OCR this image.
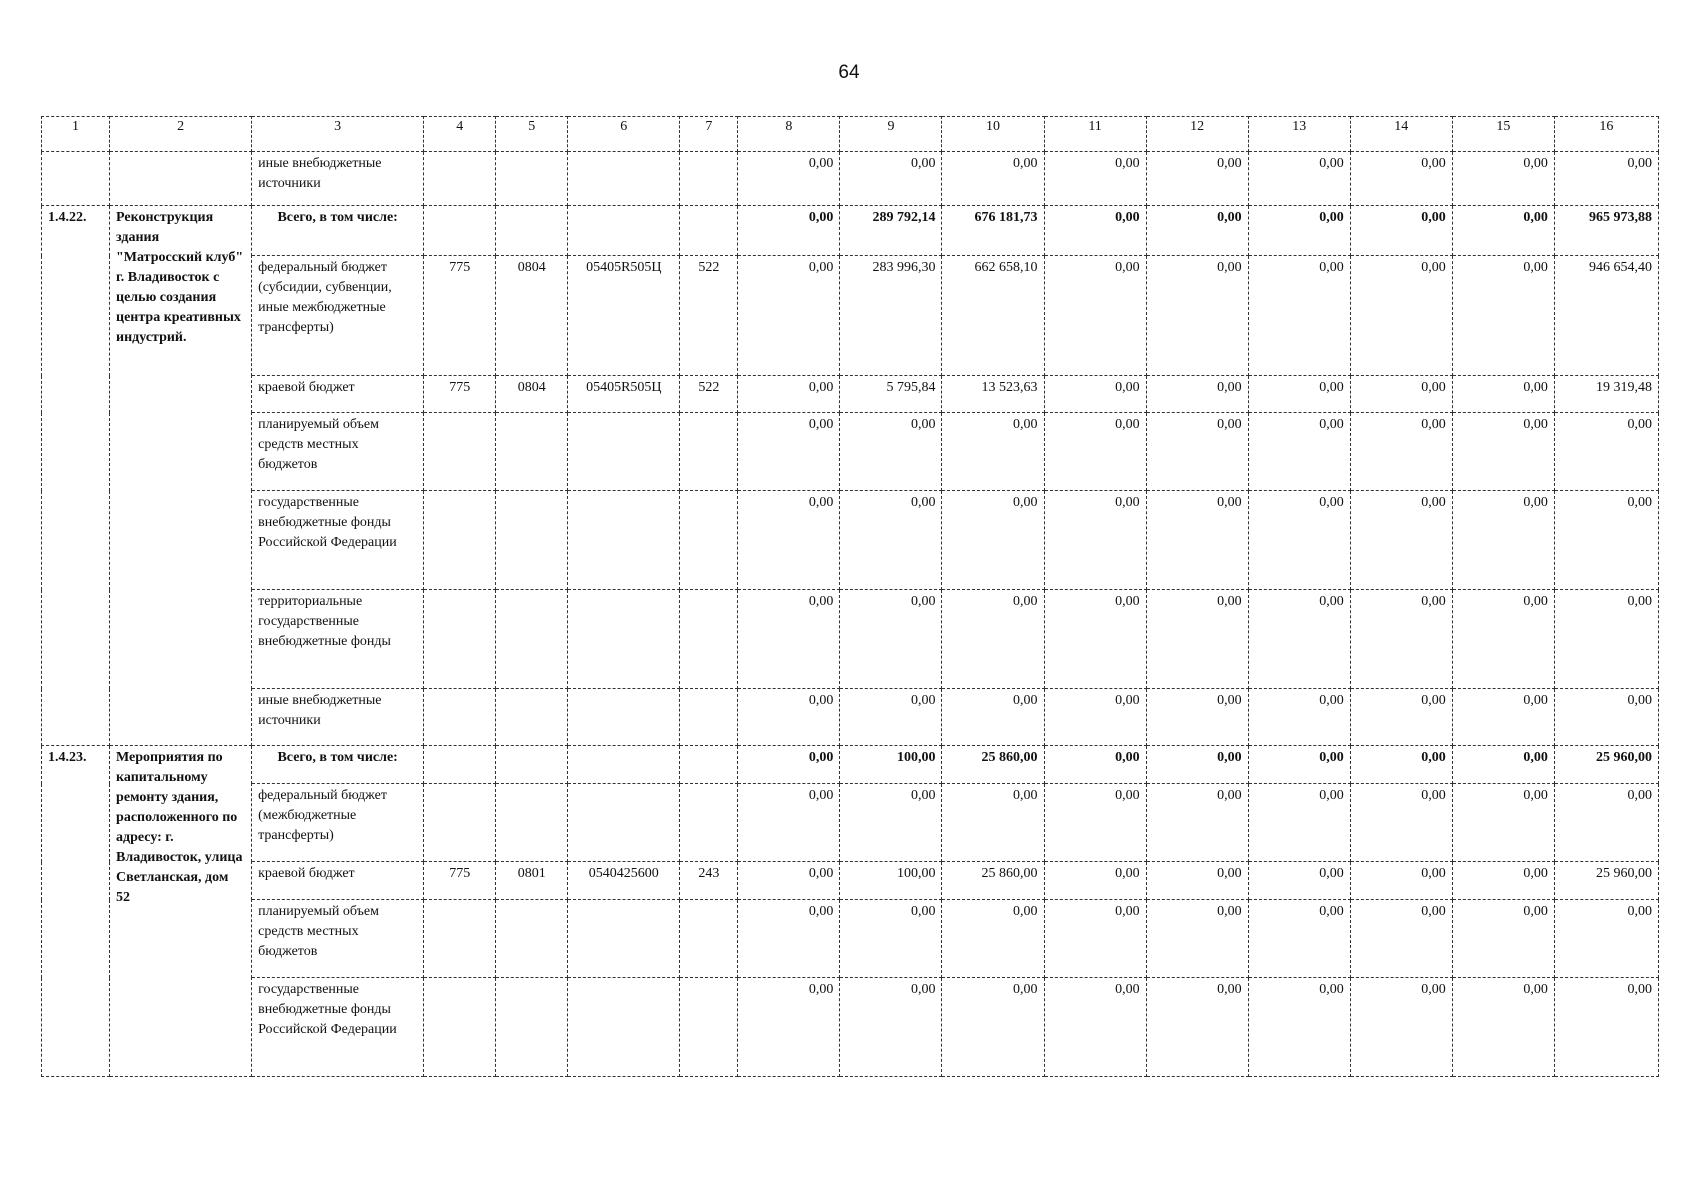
64
1	2	3	4	5	6	7	8	9	10	11	12	13	14	15	16
		иные внебюджетные источники					0,00	0,00	0,00	0,00	0,00	0,00	0,00	0,00	0,00
1.4.22.	Реконструкция здания "Матросский клуб" г. Владивосток с целью создания центра креативных индустрий.	Всего, в том числе:					0,00	289 792,14	676 181,73	0,00	0,00	0,00	0,00	0,00	965 973,88
		федеральный бюджет (субсидии, субвенции, иные межбюджетные трансферты)	775	0804	05405R505Ц	522	0,00	283 996,30	662 658,10	0,00	0,00	0,00	0,00	0,00	946 654,40
		краевой бюджет	775	0804	05405R505Ц	522	0,00	5 795,84	13 523,63	0,00	0,00	0,00	0,00	0,00	19 319,48
		планируемый объем средств местных бюджетов					0,00	0,00	0,00	0,00	0,00	0,00	0,00	0,00	0,00
		государственные внебюджетные фонды Российской Федерации					0,00	0,00	0,00	0,00	0,00	0,00	0,00	0,00	0,00
		территориальные государственные внебюджетные фонды					0,00	0,00	0,00	0,00	0,00	0,00	0,00	0,00	0,00
		иные внебюджетные источники					0,00	0,00	0,00	0,00	0,00	0,00	0,00	0,00	0,00
1.4.23.	Мероприятия по капитальному ремонту здания, расположенного по адресу: г. Владивосток, улица Светланская, дом 52	Всего, в том числе:					0,00	100,00	25 860,00	0,00	0,00	0,00	0,00	0,00	25 960,00
		федеральный бюджет (межбюджетные трансферты)					0,00	0,00	0,00	0,00	0,00	0,00	0,00	0,00	0,00
		краевой бюджет	775	0801	0540425600	243	0,00	100,00	25 860,00	0,00	0,00	0,00	0,00	0,00	25 960,00
		планируемый объем средств местных бюджетов					0,00	0,00	0,00	0,00	0,00	0,00	0,00	0,00	0,00
		государственные внебюджетные фонды Российской Федерации					0,00	0,00	0,00	0,00	0,00	0,00	0,00	0,00	0,00
